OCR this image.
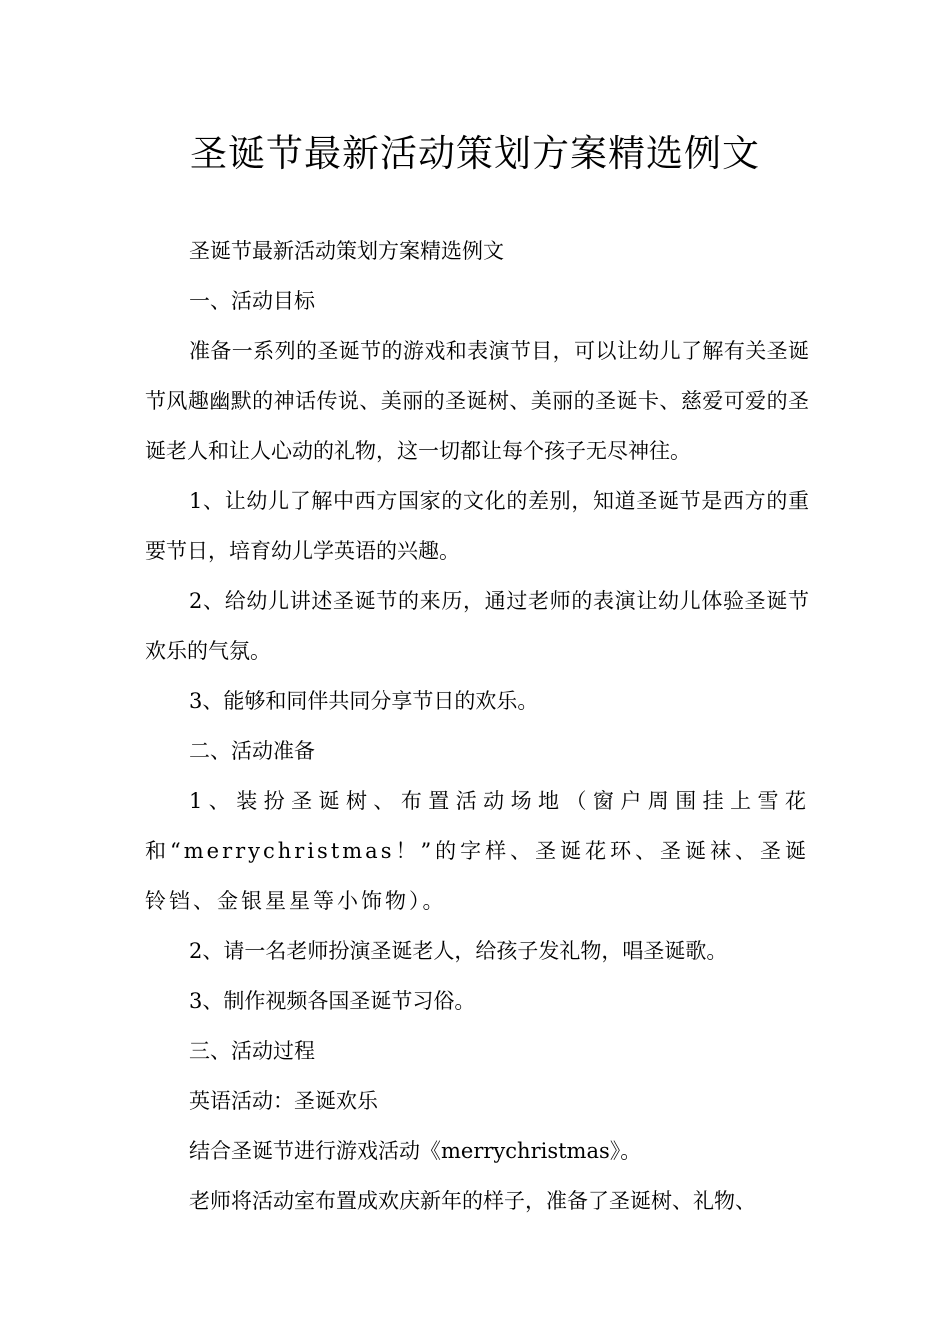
圣诞节最新活动策划方案精选例文

圣诞节最新活动策划方案精选例文

一、活动目标

准备一系列的圣诞节的游戏和表演节目，可以让幼儿了解有关圣诞节风趣幽默的神话传说、美丽的圣诞树、美丽的圣诞卡、慈爱可爱的圣诞老人和让人心动的礼物，这一切都让每个孩子无尽神往。

1、让幼儿了解中西方国家的文化的差别，知道圣诞节是西方的重要节日，培育幼儿学英语的兴趣。

2、给幼儿讲述圣诞节的来历，通过老师的表演让幼儿体验圣诞节欢乐的气氛。

3、能够和同伴共同分享节日的欢乐。

二、活动准备

1、装扮圣诞树、布置活动场地（窗户周围挂上雪花和“merrychristmas！”的字样、圣诞花环、圣诞袜、圣诞铃铛、金银星星等小饰物）。

2、请一名老师扮演圣诞老人，给孩子发礼物，唱圣诞歌。

3、制作视频各国圣诞节习俗。

三、活动过程

英语活动：圣诞欢乐

结合圣诞节进行游戏活动《merrychristmas》。

老师将活动室布置成欢庆新年的样子，准备了圣诞树、礼物、
